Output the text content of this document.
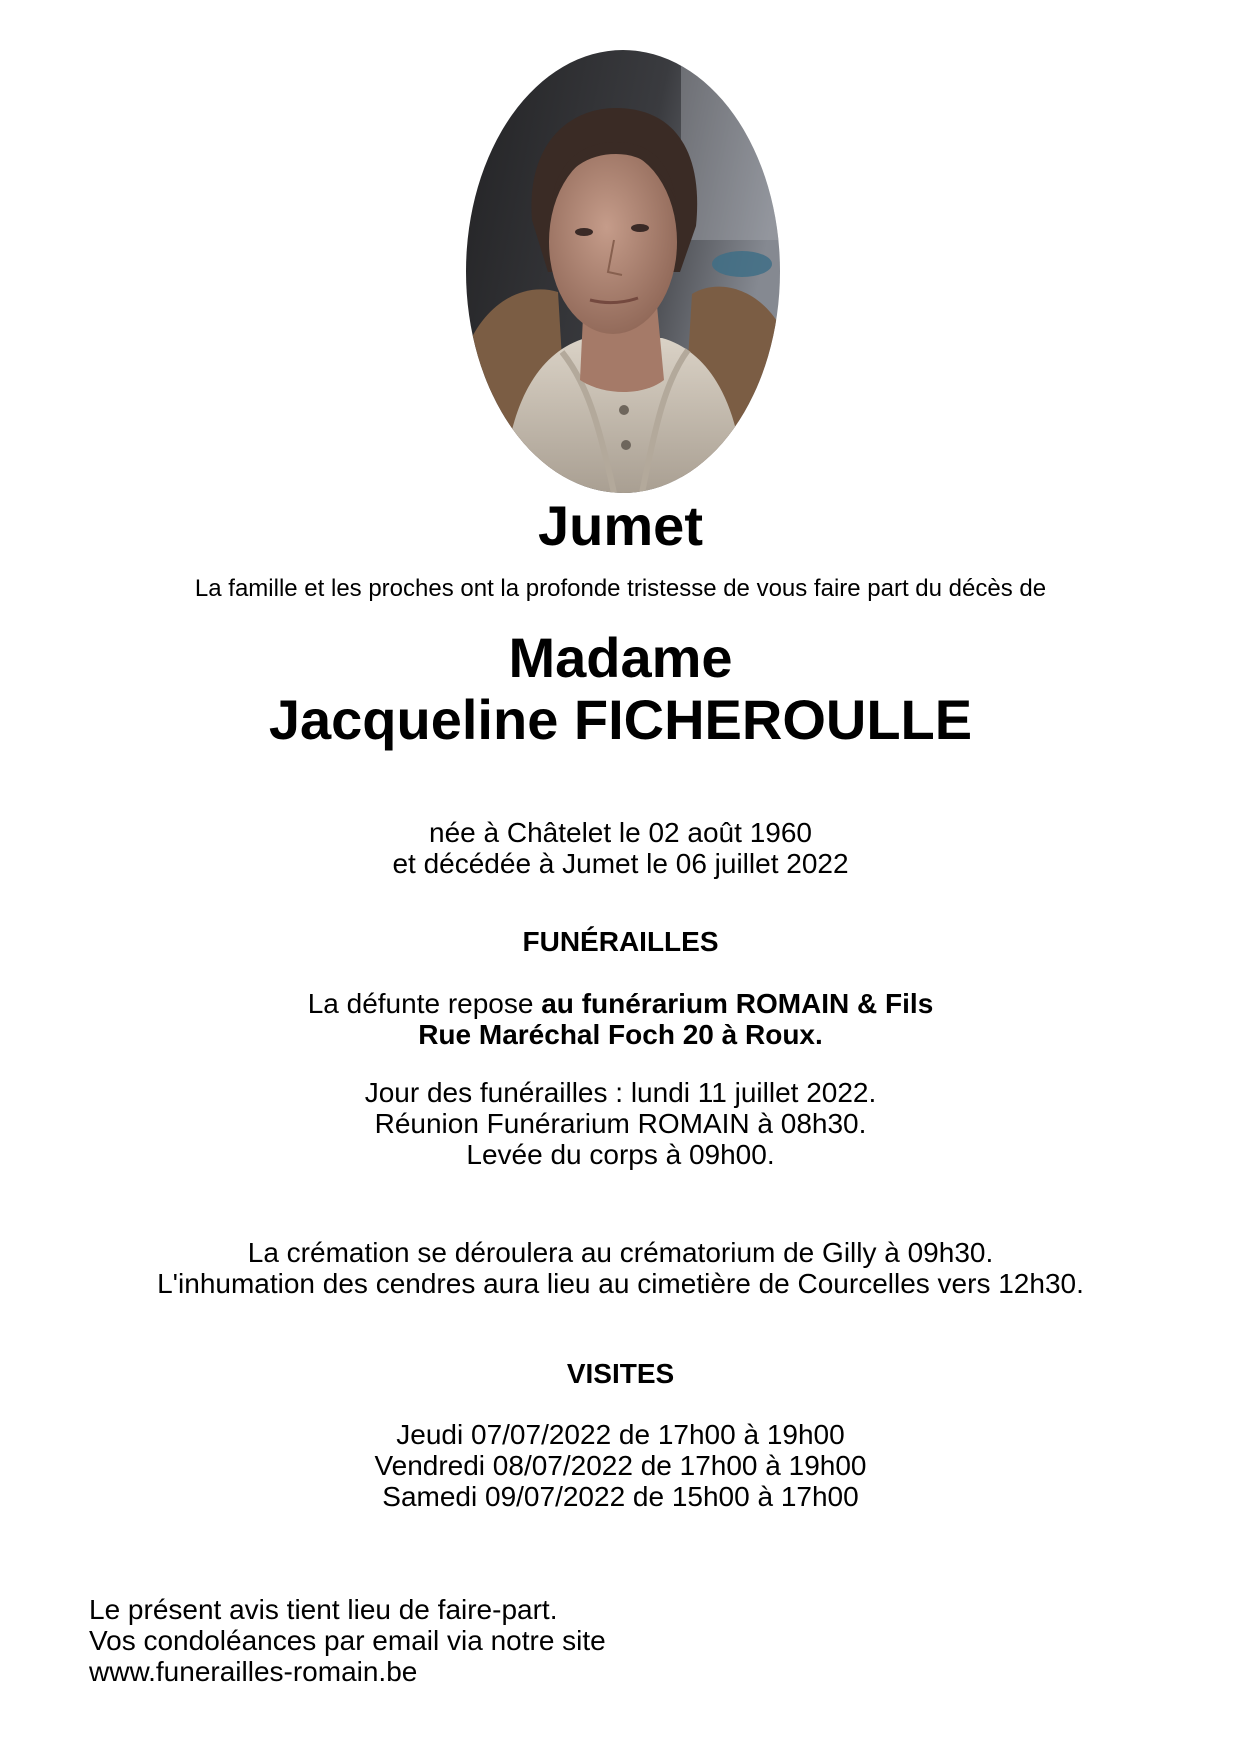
Jumet
La famille et les proches ont la profonde tristesse de vous faire part du décès de
Madame
Jacqueline FICHEROULLE
née à Châtelet le 02 août 1960
et décédée à Jumet le 06 juillet 2022
FUNÉRAILLES
La défunte repose au funérarium ROMAIN & Fils
Rue Maréchal Foch 20 à Roux.
Jour des funérailles : lundi 11 juillet 2022.
Réunion Funérarium ROMAIN à 08h30.
Levée du corps à 09h00.
La crémation se déroulera au crématorium de Gilly à 09h30.
L'inhumation des cendres aura lieu au cimetière de Courcelles vers 12h30.
VISITES
Jeudi 07/07/2022 de 17h00 à 19h00
Vendredi 08/07/2022 de 17h00 à 19h00
Samedi 09/07/2022 de 15h00 à 17h00
Le présent avis tient lieu de faire-part.
Vos condoléances par email via notre site
www.funerailles-romain.be
